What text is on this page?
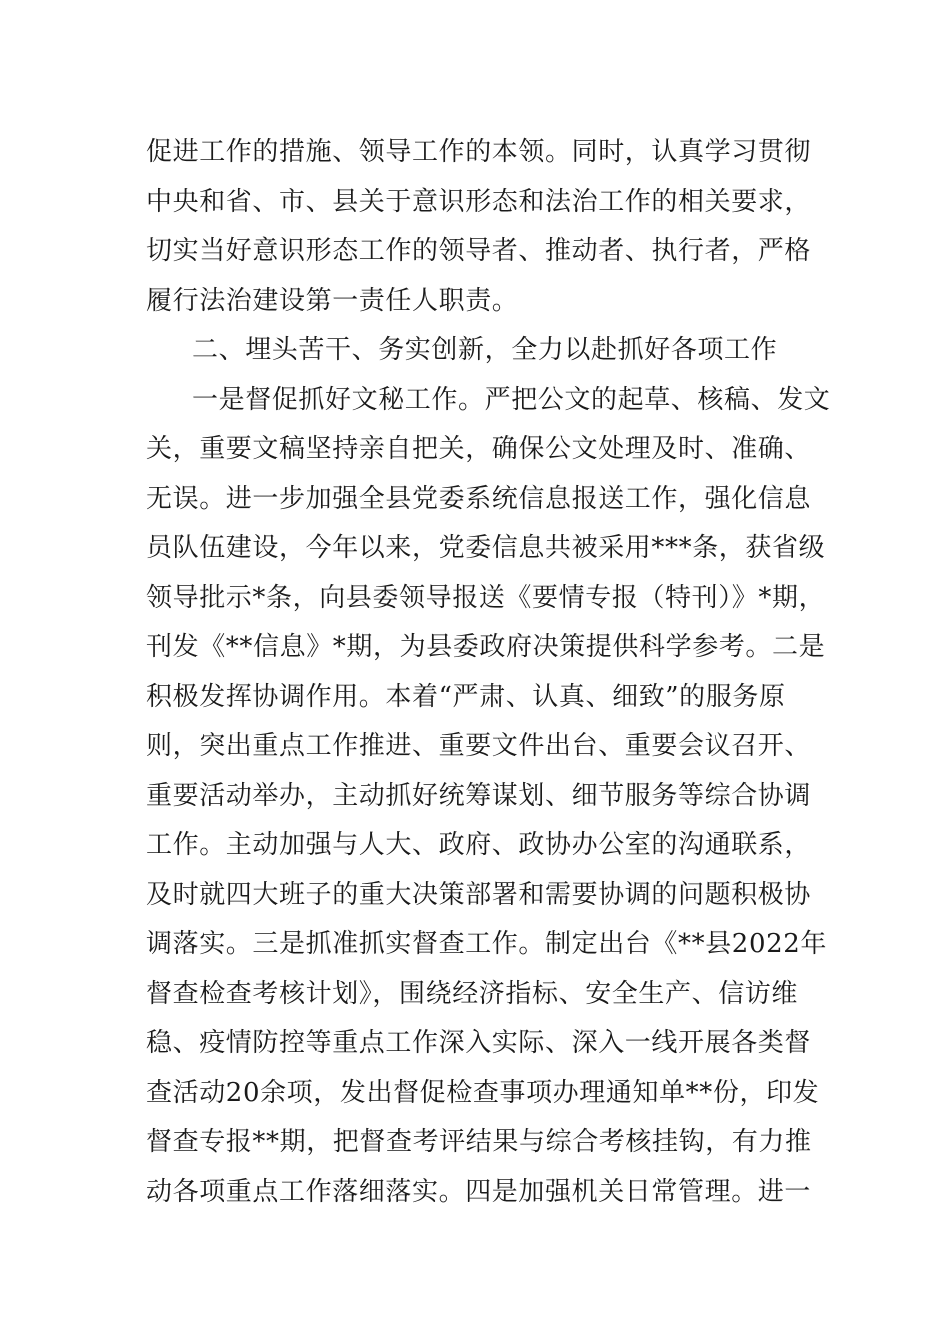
促进工作的措施、领导工作的本领。同时，认真学习贯彻
中央和省、市、县关于意识形态和法治工作的相关要求，
切实当好意识形态工作的领导者、推动者、执行者，严格
履行法治建设第一责任人职责。
二、埋头苦干、务实创新，全力以赴抓好各项工作
一是督促抓好文秘工作。严把公文的起草、核稿、发文
关，重要文稿坚持亲自把关，确保公文处理及时、准确、
无误。进一步加强全县党委系统信息报送工作，强化信息
员队伍建设，今年以来，党委信息共被采用***条，获省级
领导批示*条，向县委领导报送《要情专报（特刊）》*期，
刊发《**信息》*期，为县委政府决策提供科学参考。二是
积极发挥协调作用。本着“严肃、认真、细致”的服务原
则，突出重点工作推进、重要文件出台、重要会议召开、
重要活动举办，主动抓好统筹谋划、细节服务等综合协调
工作。主动加强与人大、政府、政协办公室的沟通联系，
及时就四大班子的重大决策部署和需要协调的问题积极协
调落实。三是抓准抓实督查工作。制定出台《**县2022年
督查检查考核计划》，围绕经济指标、安全生产、信访维
稳、疫情防控等重点工作深入实际、深入一线开展各类督
查活动20余项，发出督促检查事项办理通知单**份，印发
督查专报**期，把督查考评结果与综合考核挂钩，有力推
动各项重点工作落细落实。四是加强机关日常管理。进一
